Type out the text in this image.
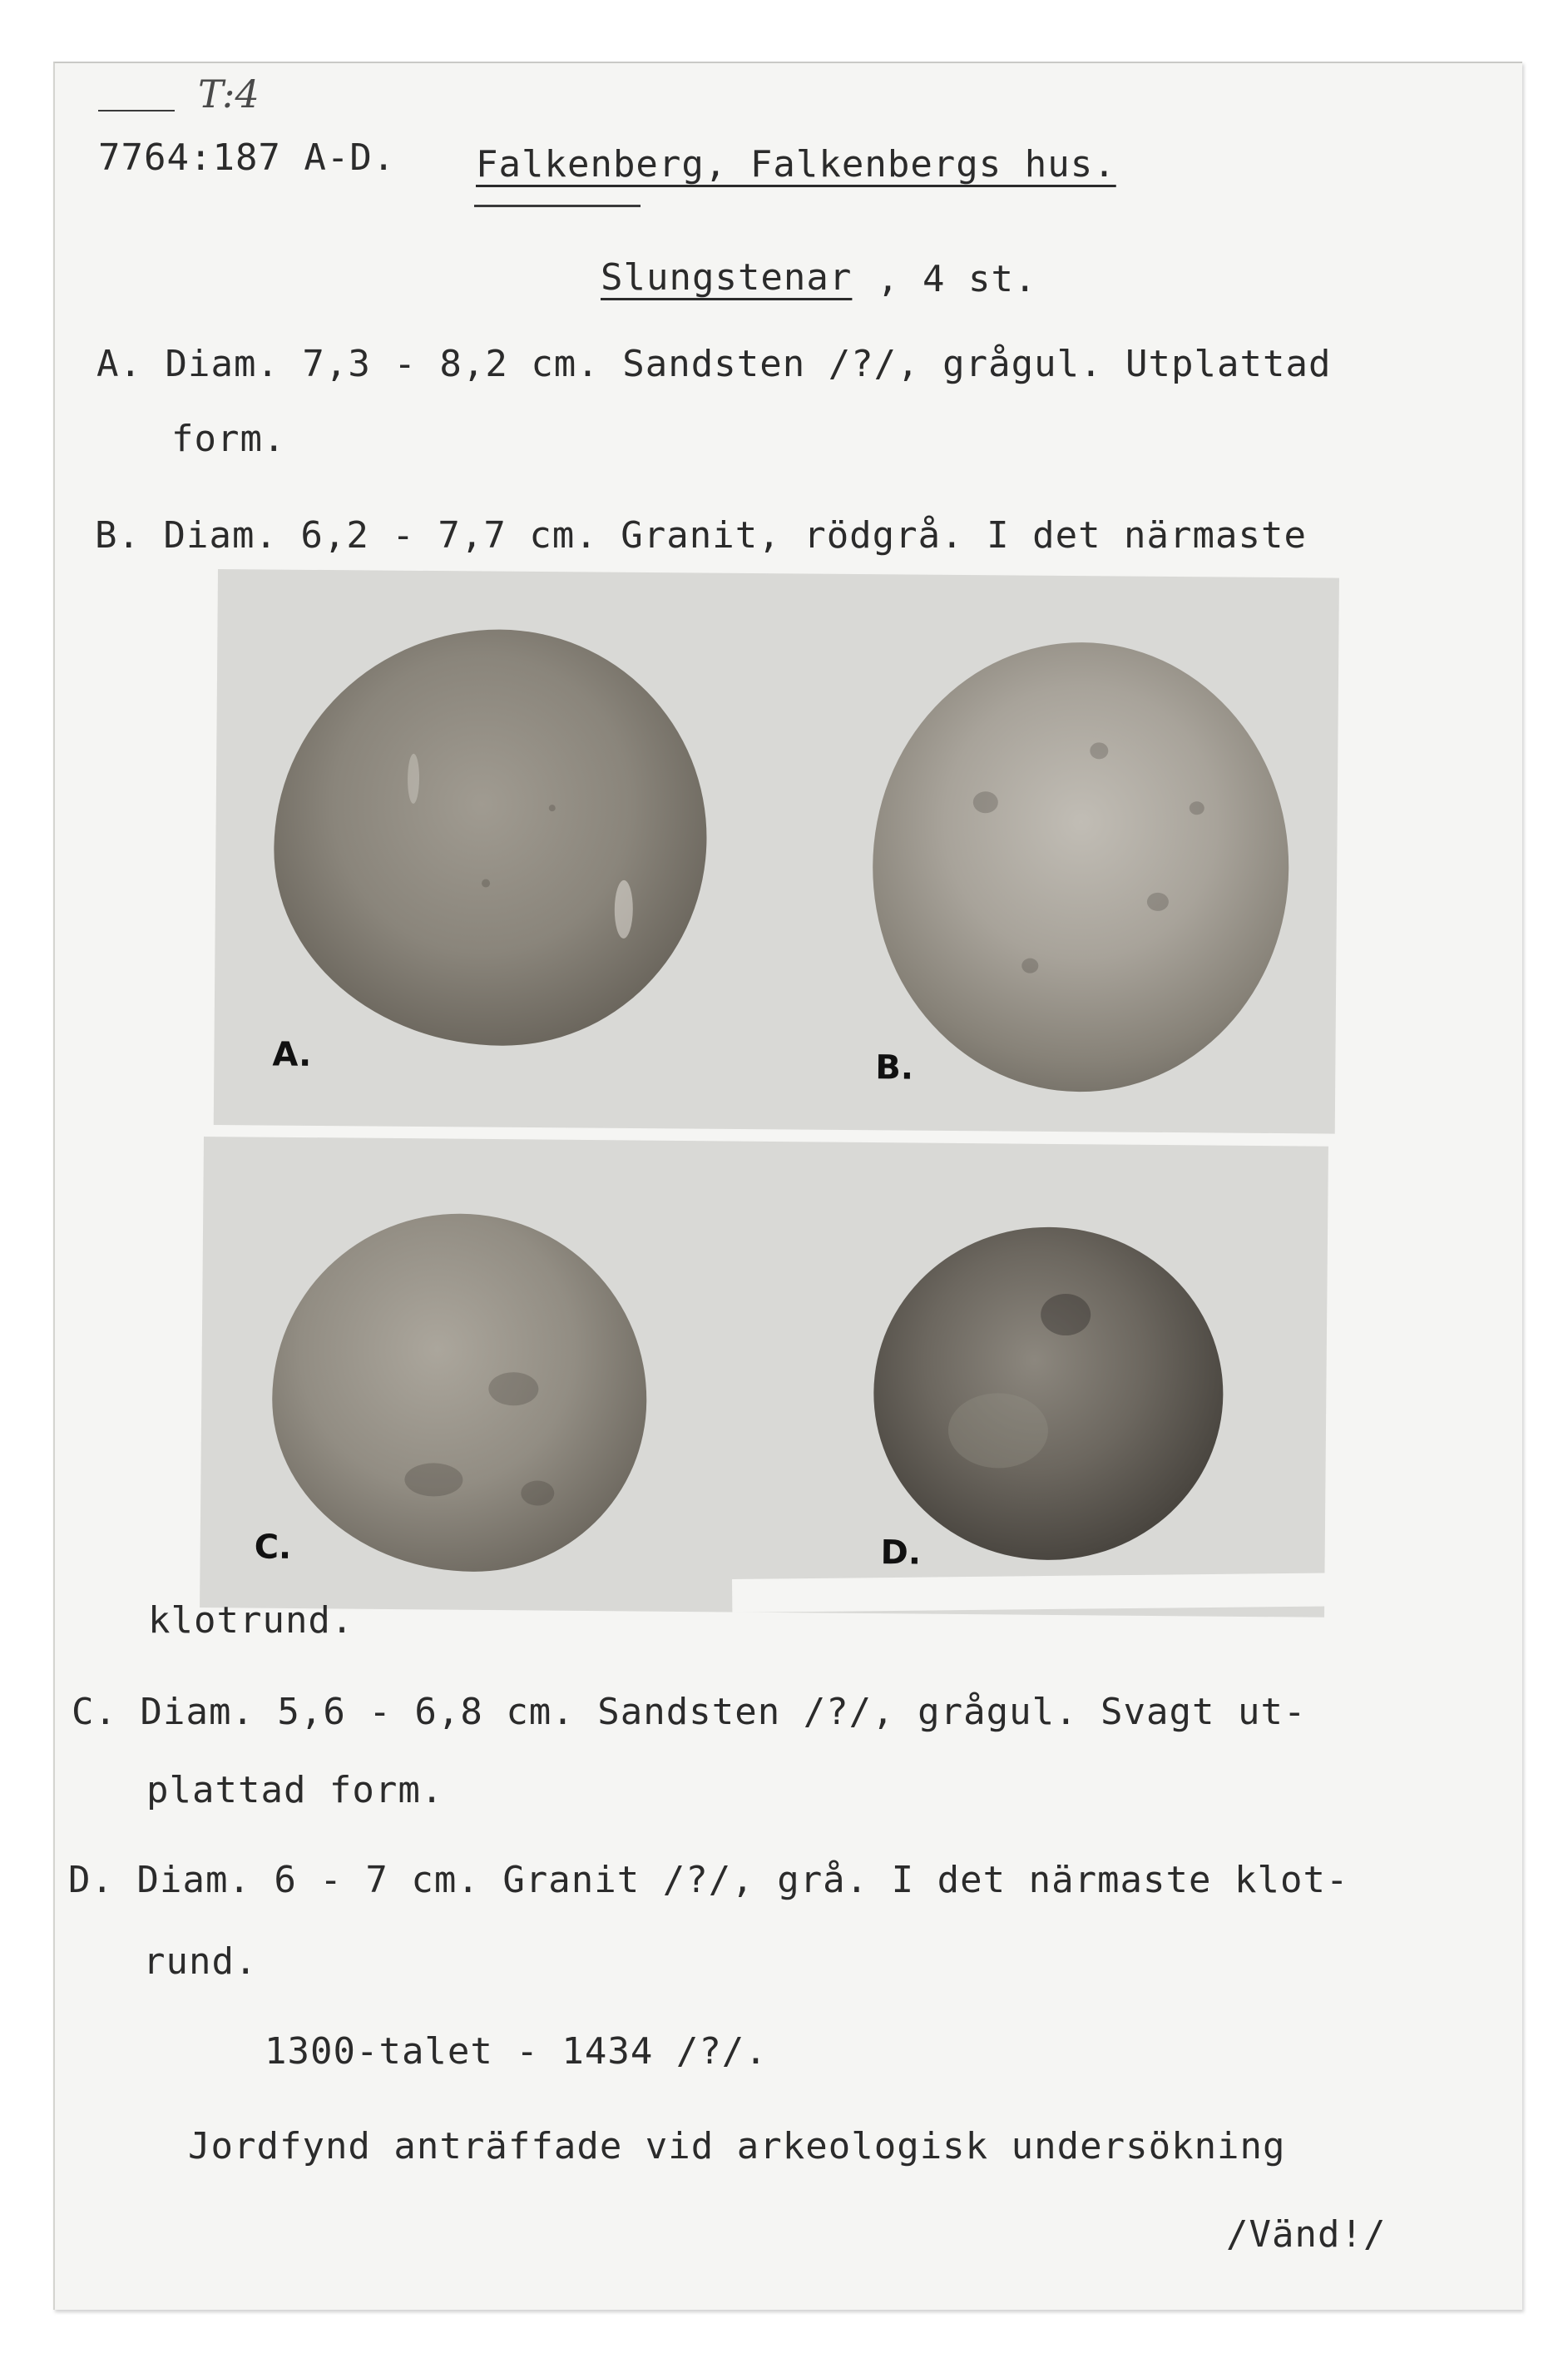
T:4
7764:187 A-D. Falkenberg, Falkenbergs hus.
Slungstenar , 4 st.
A. Diam. 7,3 - 8,2 cm. Sandsten /?/, grågul. Utplattad
form.
B. Diam. 6,2 - 7,7 cm. Granit, rödgrå. I det närmaste
A.	B.
C.	D.
klotrund.
C. Diam. 5,6 - 6,8 cm. Sandsten /?/, grågul. Svagt ut-
plattad form.
D. Diam. 6 - 7 cm. Granit /?/, grå. I det närmaste klot-
rund.
1300-talet - 1434 /?/.
Jordfynd anträffade vid arkeologisk undersökning
/Vänd!/
